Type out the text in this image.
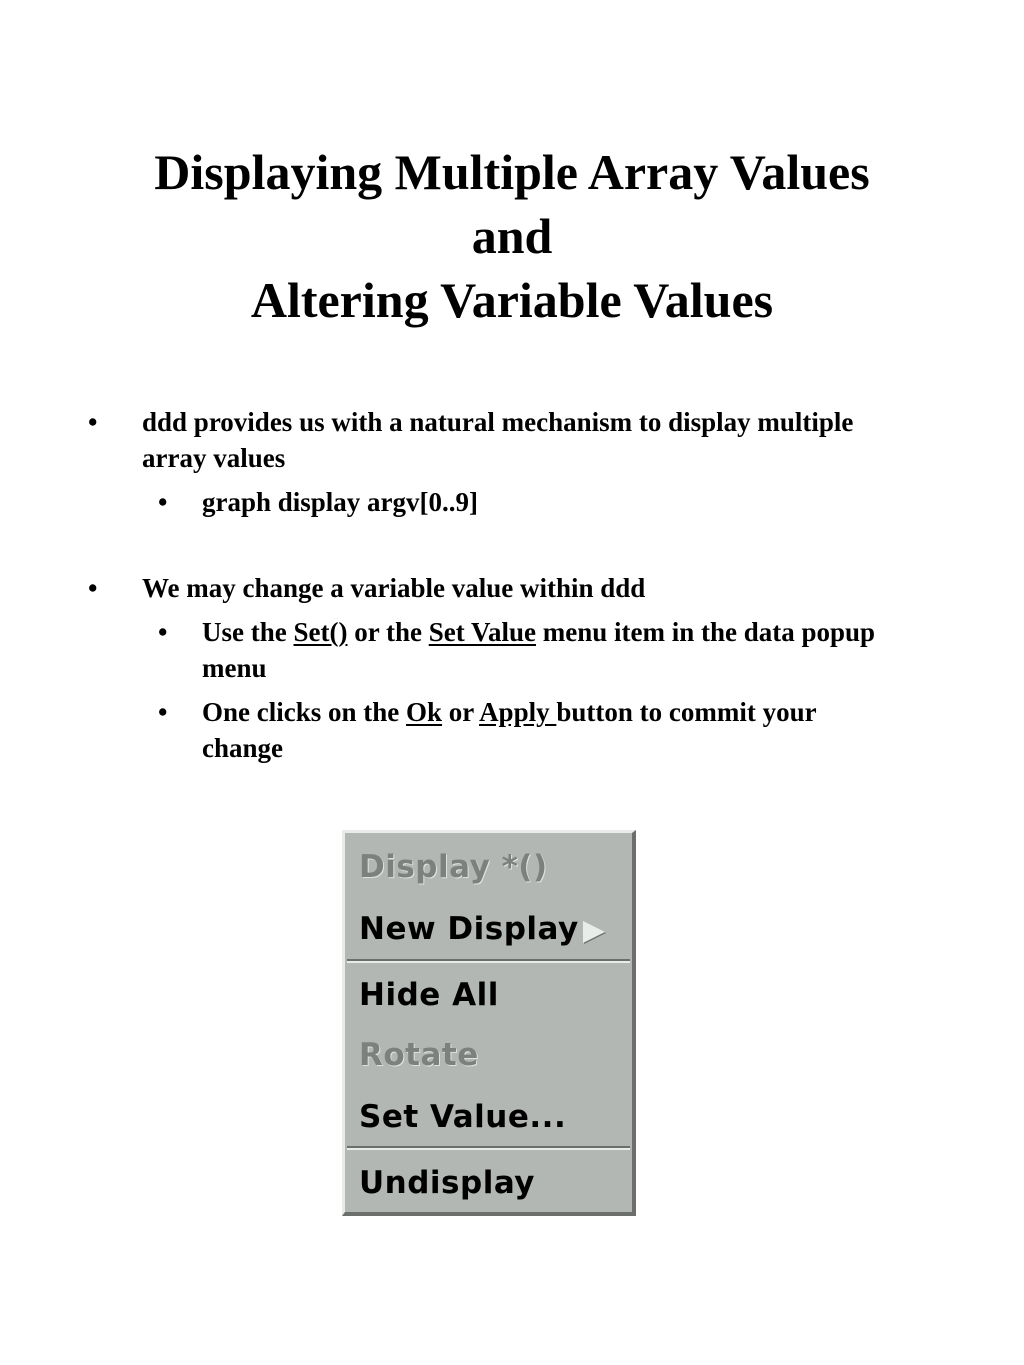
Displaying Multiple Array Values
and
Altering Variable Values
• ddd provides us with a natural mechanism to display multiple array values
• graph display argv[0..9]
• We may change a variable value within ddd
• Use the Set() or the Set Value menu item in the data popup menu
• One clicks on the Ok or Apply button to commit your change
Display *()
New Display
Hide All
Rotate
Set Value...
Undisplay
